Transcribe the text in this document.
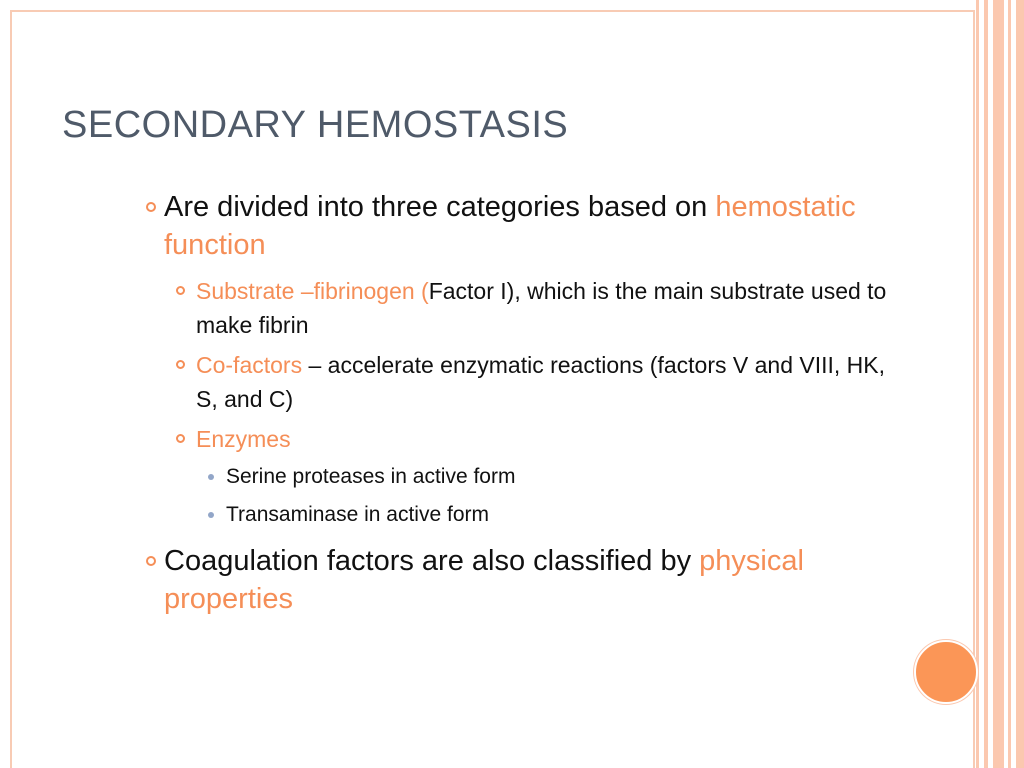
SECONDARY HEMOSTASIS
Are divided into three categories based on hemostatic function
Substrate –fibrinogen (Factor I), which is the main substrate used to make fibrin
Co-factors – accelerate enzymatic reactions (factors V and VIII, HK, S, and C)
Enzymes
Serine proteases in active form
Transaminase in active form
Coagulation factors are also classified by physical properties
